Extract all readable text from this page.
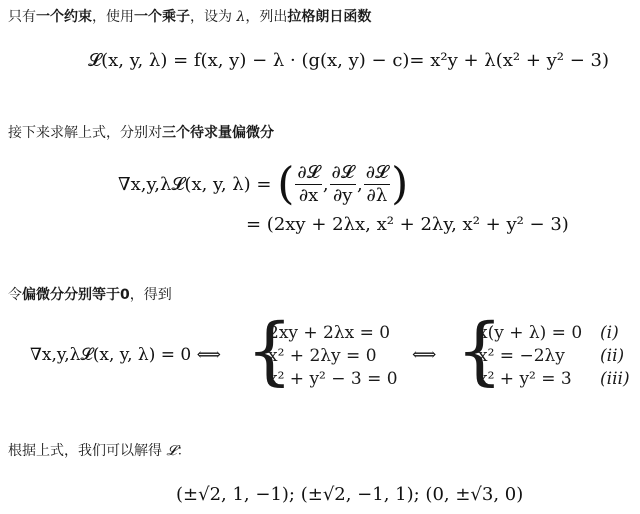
只有一个约束，使用一个乘子，设为 λ，列出拉格朗日函数
𝓛(x, y, λ) = f(x, y) − λ · (g(x, y) − c)= x²y + λ(x² + y² − 3)
接下来求解上式，分别对三个待求量偏微分
∇x,y,λ𝓛(x, y, λ) = ( $\frac{\text{∂𝓛}}{\partial x}$ , $\frac{\text{∂𝓛}}{\partial y}$ , $\frac{\text{∂𝓛}}{\partial\lambda}$ )
= (2xy + 2λx, x² + 2λy, x² + y² − 3)
令偏微分分别等于0，得到
∇x,y,λ𝓛(x, y, λ) = 0 ⟺ {
2xy + 2λx = 0
x² + 2λy = 0
x² + y² − 3 = 0
⟺ {
x(y + λ) = 0
x² = −2λy
x² + y² = 3
(i)
(ii)
(iii)
根据上式，我们可以解得 𝓛：
(±√2, 1, −1); (±√2, −1, 1); (0, ±√3, 0)
